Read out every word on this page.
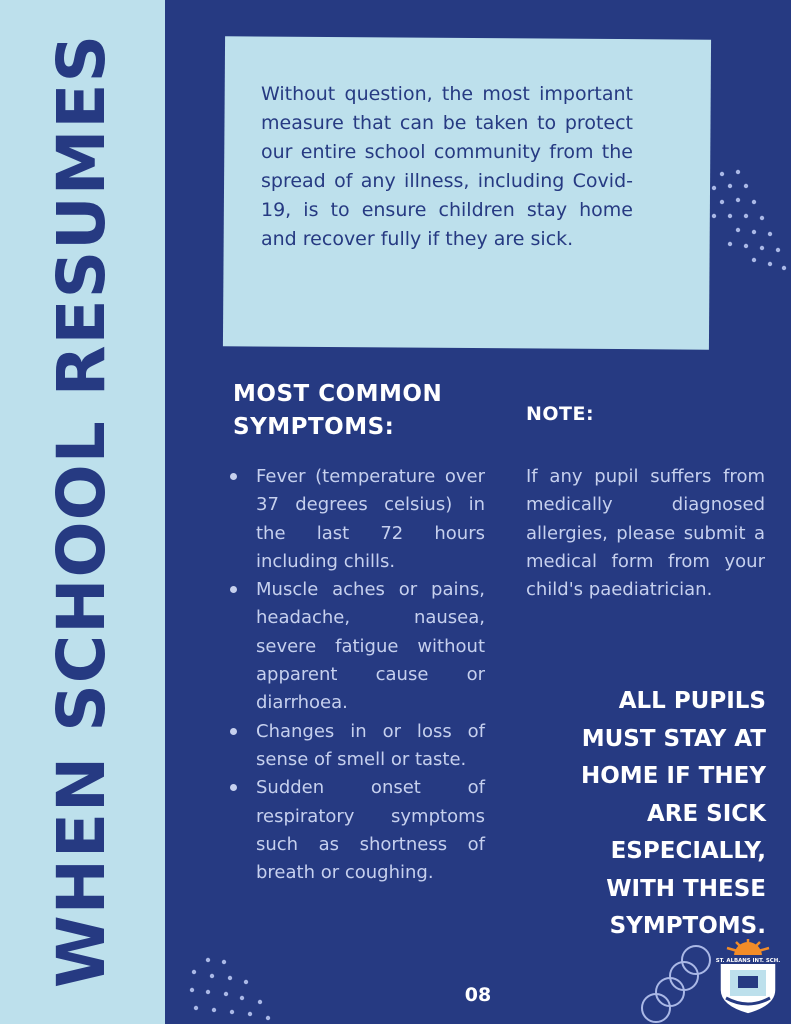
WHEN SCHOOL RESUMES	Without question, the most important measure that can be taken to protect our entire school community from the spread of any illness, including Covid-19, is to ensure children stay home and recover fully if they are sick.

MOST COMMON SYMPTOMS:
Fever (temperature over 37 degrees celsius) in the last 72 hours including chills.
Muscle aches or pains, headache, nausea, severe fatigue without apparent cause or diarrhoea.
Changes in or loss of sense of smell or taste.
Sudden onset of respiratory symptoms such as shortness of breath or coughing.
NOTE:

If any pupil suffers from medically diagnosed allergies, please submit a medical form from your child's paediatrician.

ALL PUPILS
MUST STAY AT
HOME IF THEY
ARE SICK
ESPECIALLY,
WITH THESE
SYMPTOMS.
08
ST. ALBANS INT. SCH.
